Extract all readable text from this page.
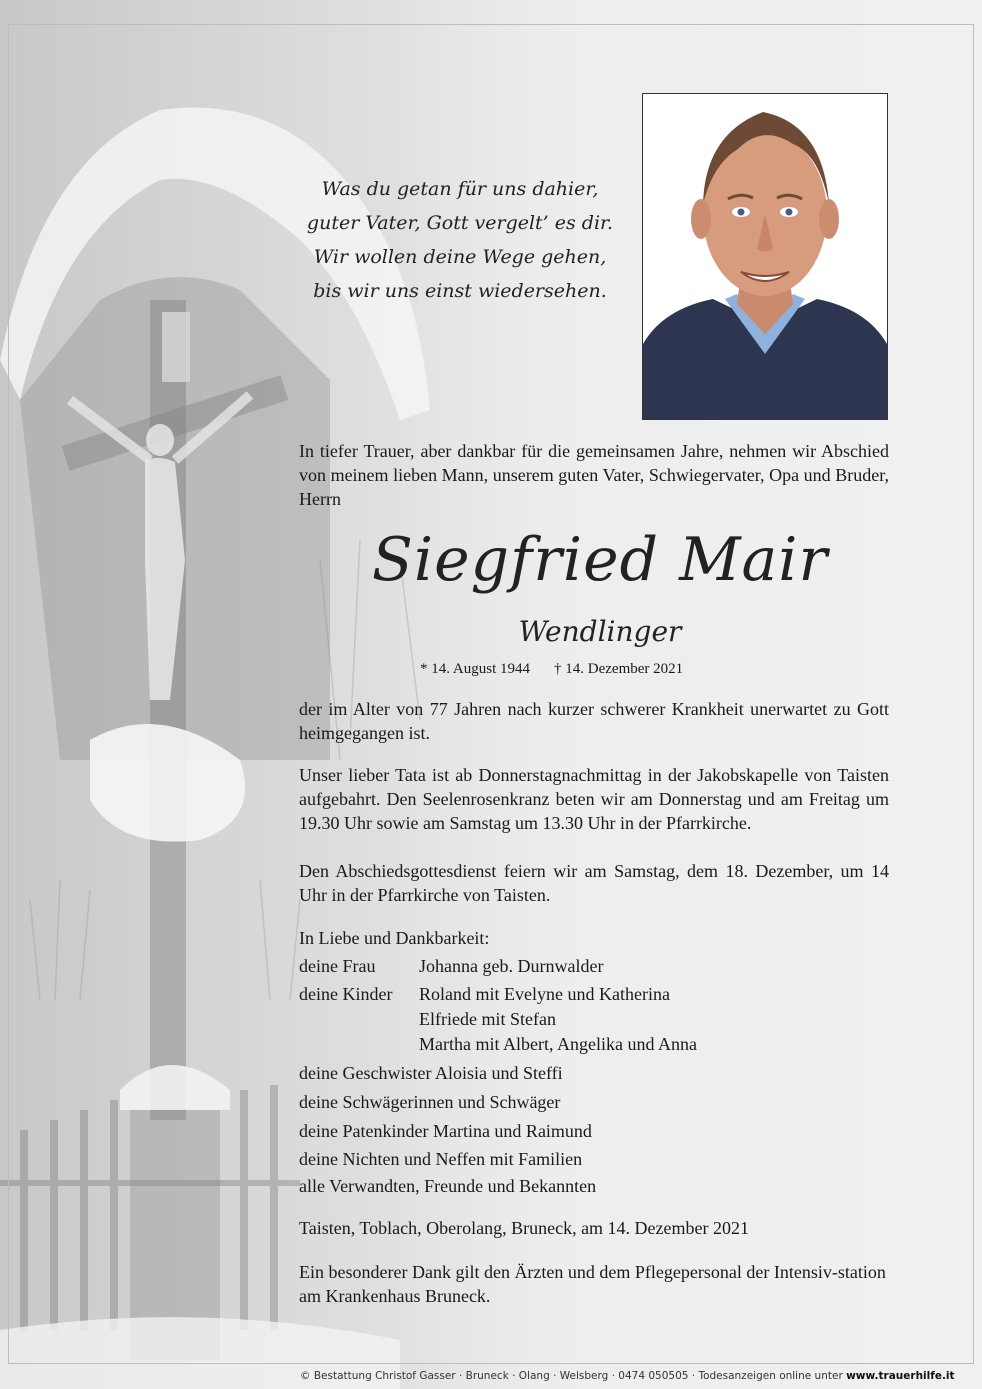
Was du getan für uns dahier,
guter Vater, Gott vergelt’ es dir.
Wir wollen deine Wege gehen,
bis wir uns einst wiedersehen.
In tiefer Trauer, aber dankbar für die gemeinsamen Jahre, nehmen wir Abschied von meinem lieben Mann, unserem guten Vater, Schwiegervater, Opa und Bruder, Herrn
Siegfried Mair
Wendlinger
* 14. August 1944 † 14. Dezember 2021
der im Alter von 77 Jahren nach kurzer schwerer Krankheit unerwartet zu Gott heimgegangen ist.
Unser lieber Tata ist ab Donnerstagnachmittag in der Jakobskapelle von Taisten aufgebahrt. Den Seelenrosenkranz beten wir am Donnerstag und am Freitag um 19.30 Uhr sowie am Samstag um 13.30 Uhr in der Pfarrkirche.
Den Abschiedsgottesdienst feiern wir am Samstag, dem 18. Dezember, um 14 Uhr in der Pfarrkirche von Taisten.
In Liebe und Dankbarkeit:
deine Frau Johanna geb. Durnwalder
deine Kinder Roland mit Evelyne und Katherina
Elfriede mit Stefan
Martha mit Albert, Angelika und Anna
deine Geschwister Aloisia und Steffi
deine Schwägerinnen und Schwäger
deine Patenkinder Martina und Raimund
deine Nichten und Neffen mit Familien
alle Verwandten, Freunde und Bekannten
Taisten, Toblach, Oberolang, Bruneck, am 14. Dezember 2021
Ein besonderer Dank gilt den Ärzten und dem Pflegepersonal der Intensiv-station am Krankenhaus Bruneck.
© Bestattung Christof Gasser · Bruneck · Olang · Welsberg · 0474 050505 · Todesanzeigen online unter www.trauerhilfe.it
